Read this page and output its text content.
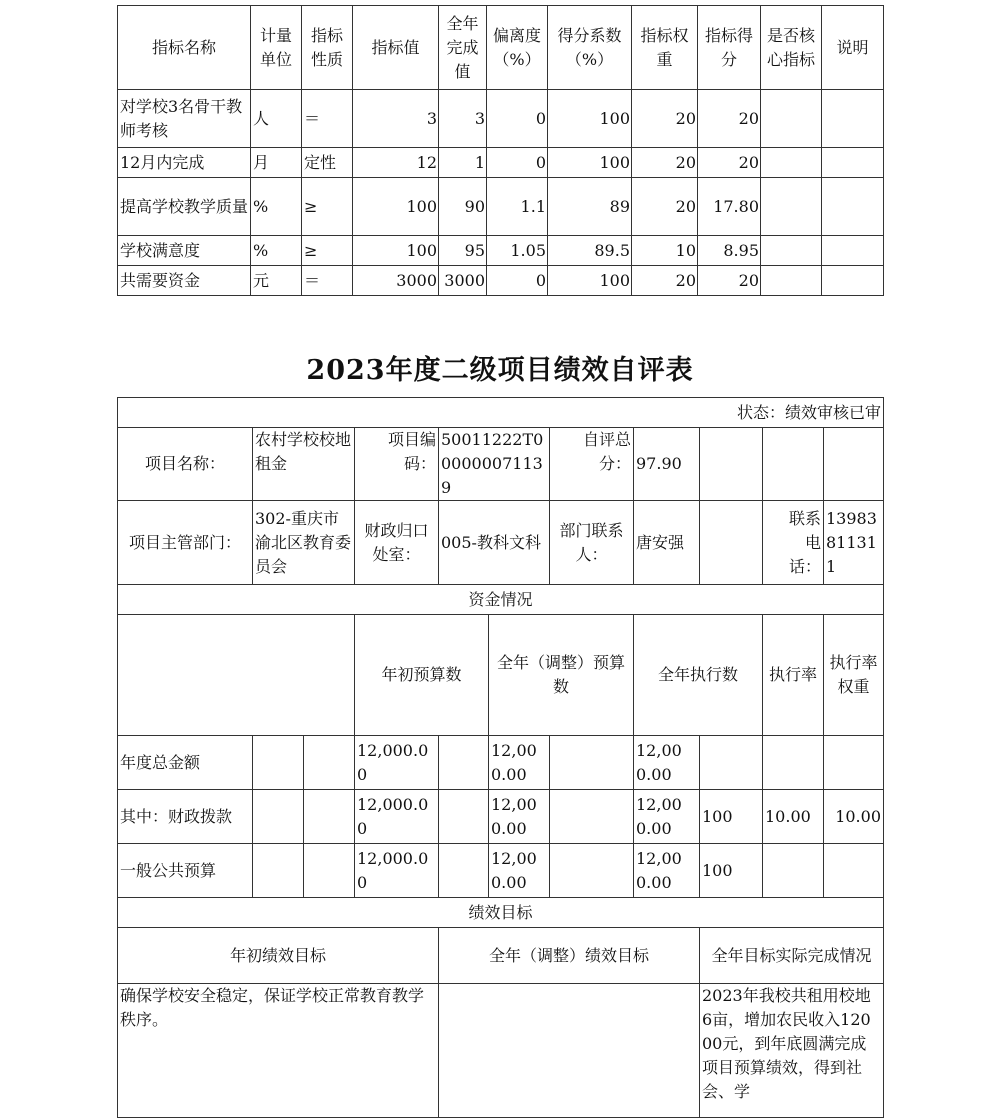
指标名称	计量单位	指标性质	指标值	全年完成值	偏离度（%）	得分系数（%）	指标权重	指标得分	是否核心指标	说明
对学校3名骨干教师考核	人	＝	3	3	0	100	20	20		
12月内完成	月	定性	12	1	0	100	20	20		
提高学校教学质量	%	≥	100	90	1.1	89	20	17.80		
学校满意度	%	≥	100	95	1.05	89.5	10	8.95		
共需要资金	元	＝	3000	3000	0	100	20	20		
2023年度二级项目绩效自评表
状态：绩效审核已审											
项目名称：	农村学校校地租金		项目编码：	50011222T000000071139		自评总分：	97.90				
项目主管部门：	302-重庆市渝北区教育委员会		财政归口处室：	005-教科文科		部门联系人：	唐安强		联系电话：	13983811311	
资金情况											
			年初预算数		全年（调整）预算数		全年执行数		执行率	执行率权重	
年度总金额			12,000.00		12,000.00		12,000.00				
其中：财政拨款			12,000.00		12,000.00		12,000.00	100	10.00	10.00	
一般公共预算			12,000.00		12,000.00		12,000.00	100			
绩效目标											
年初绩效目标				全年（调整）绩效目标				全年目标实际完成情况			
确保学校安全稳定，保证学校正常教育教学秩序。								2023年我校共租用校地6亩，增加农民收入12000元，到年底圆满完成项目预算绩效，得到社会、学			
